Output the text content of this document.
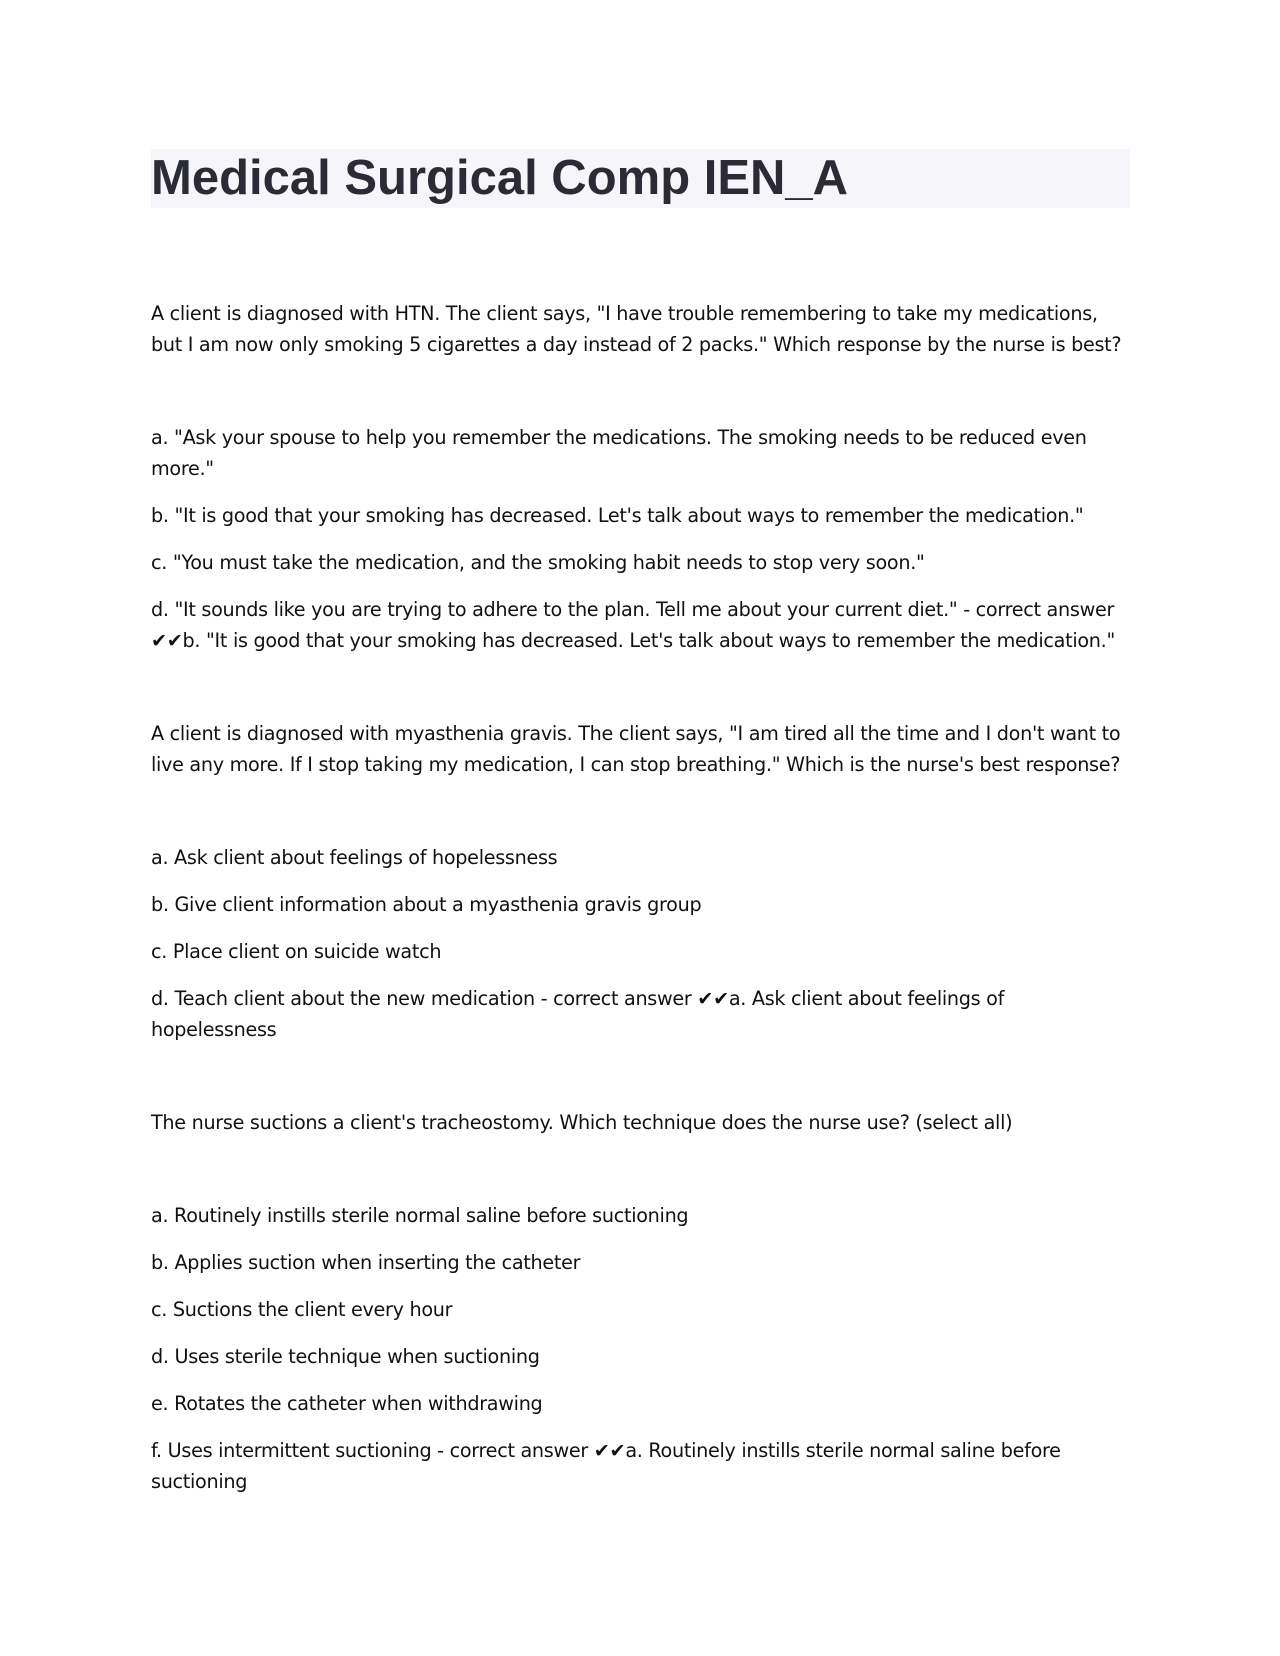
Medical Surgical Comp IEN_A

A client is diagnosed with HTN. The client says, "I have trouble remembering to take my medications, but I am now only smoking 5 cigarettes a day instead of 2 packs." Which response by the nurse is best?

a. "Ask your spouse to help you remember the medications. The smoking needs to be reduced even more."
b. "It is good that your smoking has decreased. Let's talk about ways to remember the medication."
c. "You must take the medication, and the smoking habit needs to stop very soon."
d. "It sounds like you are trying to adhere to the plan. Tell me about your current diet." - correct answer ✔✔b. "It is good that your smoking has decreased. Let's talk about ways to remember the medication."

A client is diagnosed with myasthenia gravis. The client says, "I am tired all the time and I don't want to live any more. If I stop taking my medication, I can stop breathing." Which is the nurse's best response?

a. Ask client about feelings of hopelessness
b. Give client information about a myasthenia gravis group
c. Place client on suicide watch
d. Teach client about the new medication - correct answer ✔✔a. Ask client about feelings of hopelessness

The nurse suctions a client's tracheostomy. Which technique does the nurse use? (select all)

a. Routinely instills sterile normal saline before suctioning
b. Applies suction when inserting the catheter
c. Suctions the client every hour
d. Uses sterile technique when suctioning
e. Rotates the catheter when withdrawing
f. Uses intermittent suctioning - correct answer ✔✔a. Routinely instills sterile normal saline before suctioning
